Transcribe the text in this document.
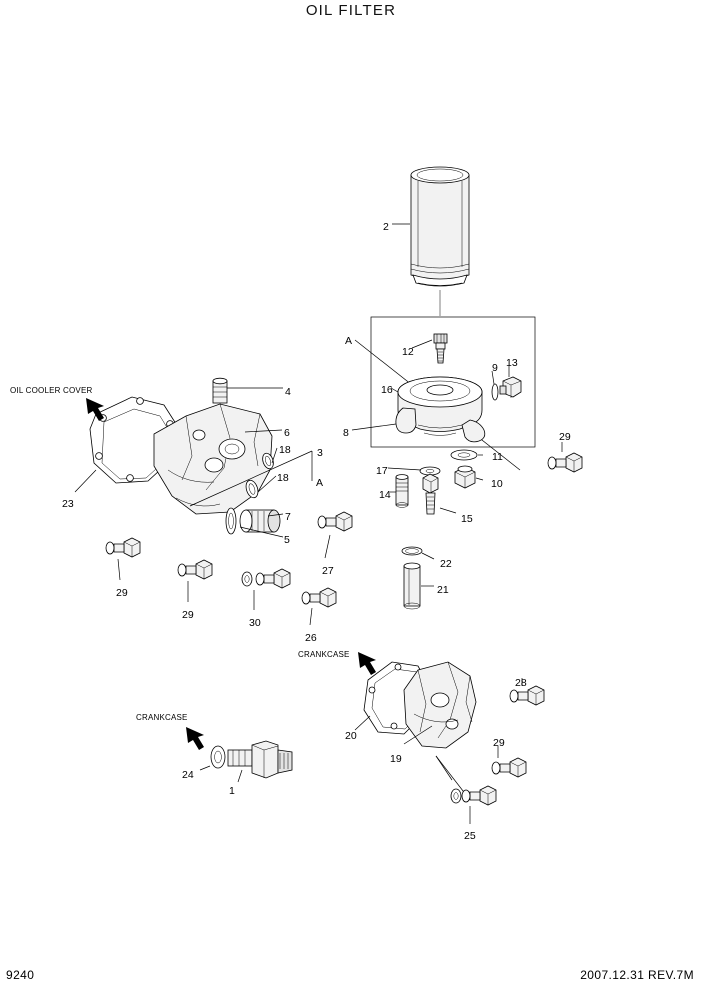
OIL FILTER
OIL COOLER COVER
CRANKCASE
CRANKCASE
A
A
1
2
3
4
5
6
7
8
9
10
11
12
13
14
15
16
17
18
18
19
20
21
22
23
24
25
26
27
28
29
29
29
29
30
9240	2007.12.31 REV.7M
